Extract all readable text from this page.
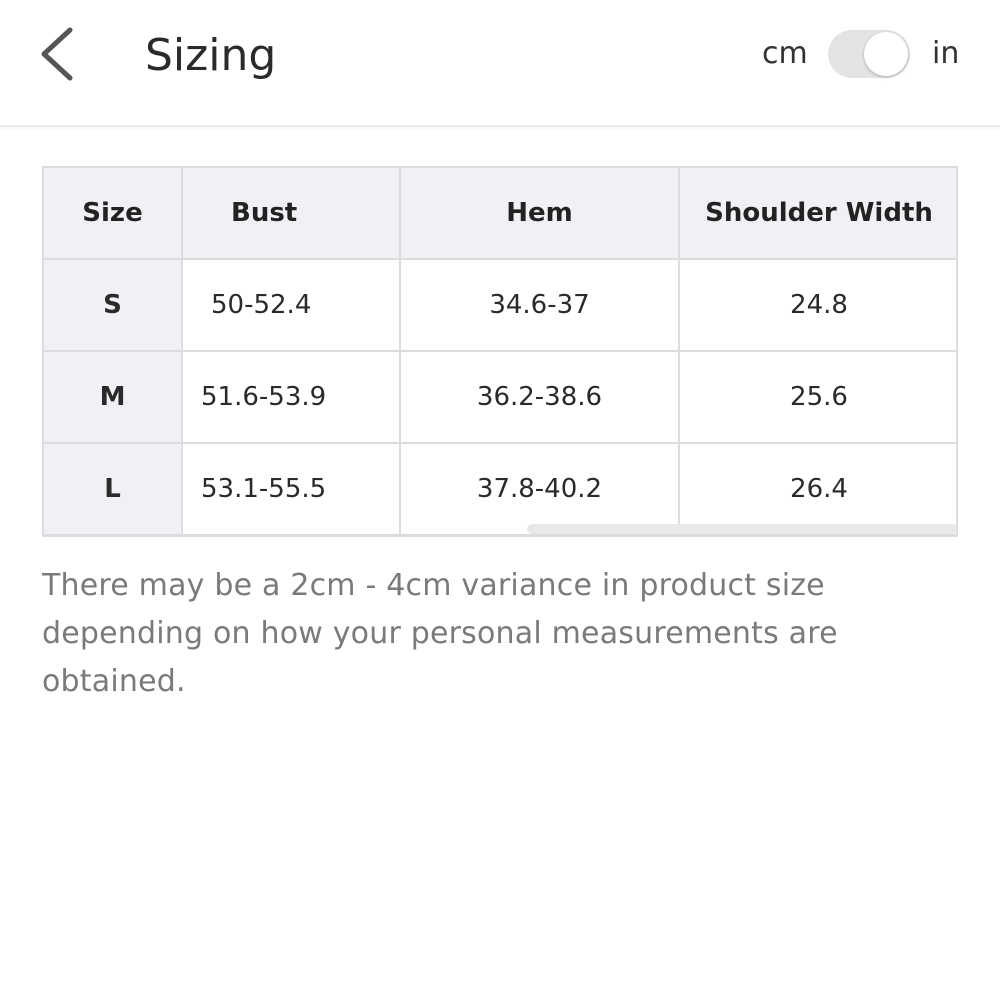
Sizing	cm	in
Size	Bust	Hem	Shoulder Width
S	50-52.4	34.6-37	24.8
M	51.6-53.9	36.2-38.6	25.6
L	53.1-55.5	37.8-40.2	26.4
There may be a 2cm - 4cm variance in product size depending on how your personal measurements are obtained.
